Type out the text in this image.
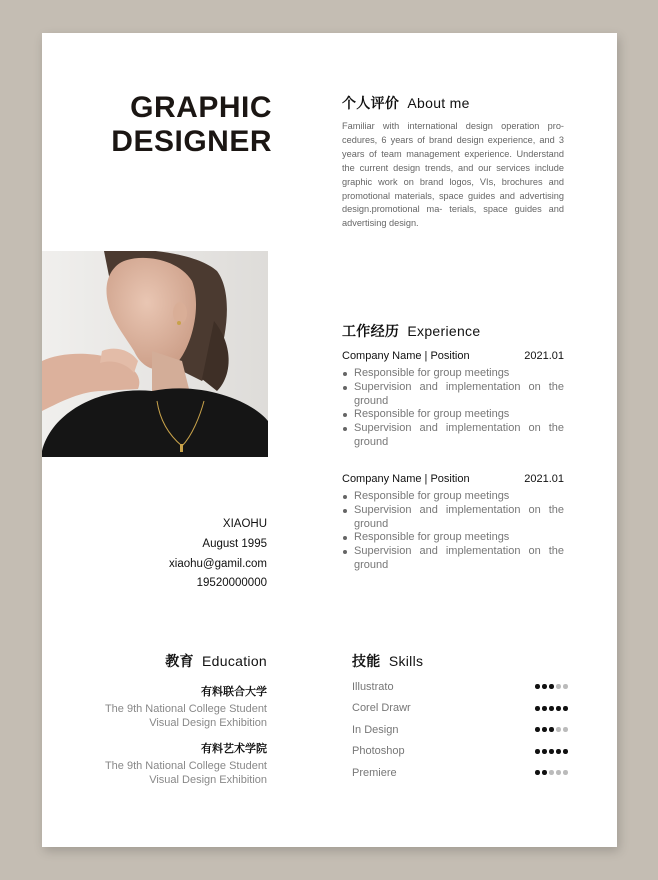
GRAPHIC
DESIGNER
个人评价 About me
Familiar with international design operation pro- cedures, 6 years of brand design experience, and 3 years of team management experience. Understand the current design trends, and our services include graphic work on brand logos, VIs, brochures and promotional materials, space guides and advertising design.promotional ma- terials, space guides and advertising design.
工作经历 Experience
Company Name | Position	2021.01
Responsible for group meetings
Supervision and implementation on the ground
Responsible for group meetings
Supervision and implementation on the ground
Company Name | Position	2021.01
Responsible for group meetings
Supervision and implementation on the ground
Responsible for group meetings
Supervision and implementation on the ground
XIAOHU
August 1995
xiaohu@gamil.com
19520000000
教育 Education
有料联合大学
The 9th National College Student
Visual Design Exhibition
有料艺术学院
The 9th National College Student
Visual Design Exhibition
技能 Skills
Illustrato
Corel Drawr
In Design
Photoshop
Premiere
